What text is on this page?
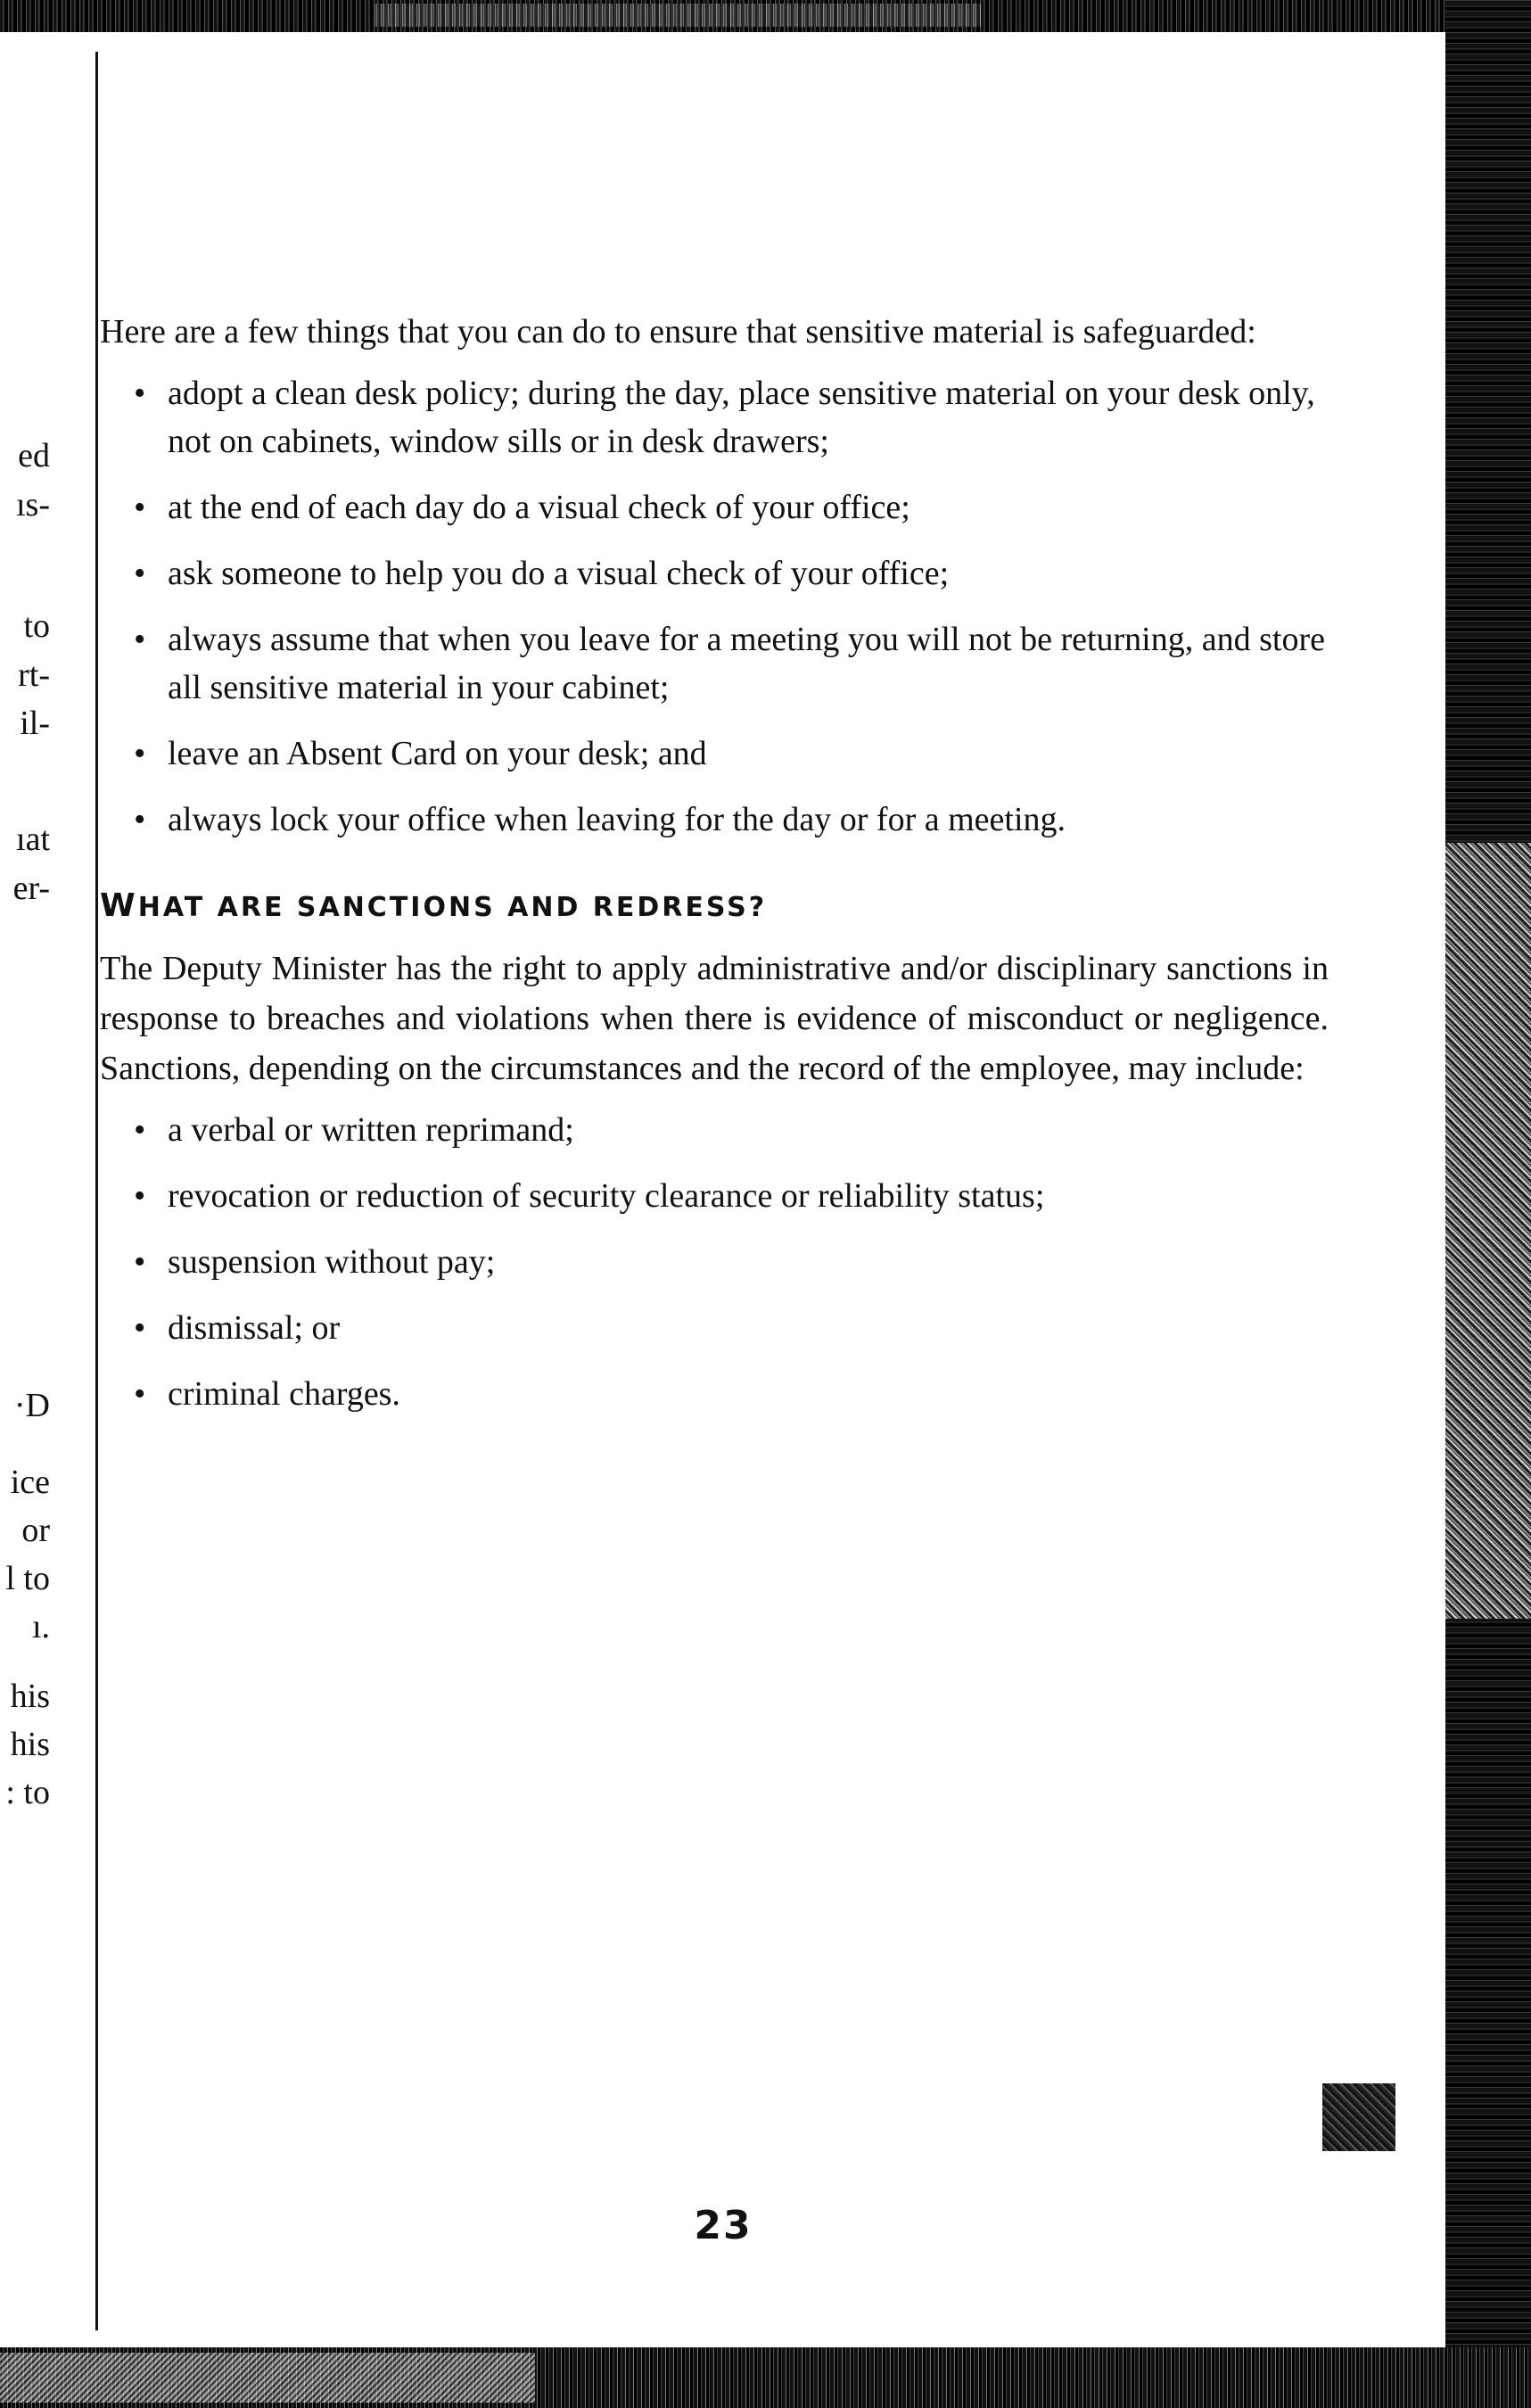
ed
ıs-
to
rt-
il-
ıat
er-
·D
ice
or
l to
ı.
his
his
: to

Here are a few things that you can do to ensure that sensitive material is safeguarded:

• adopt a clean desk policy; during the day, place sensitive material on your desk only, not on cabinets, window sills or in desk drawers;
• at the end of each day do a visual check of your office;
• ask someone to help you do a visual check of your office;
• always assume that when you leave for a meeting you will not be returning, and store all sensitive material in your cabinet;
• leave an Absent Card on your desk; and
• always lock your office when leaving for the day or for a meeting.
WHAT ARE SANCTIONS AND REDRESS?

The Deputy Minister has the right to apply administrative and/or disciplinary sanctions in response to breaches and violations when there is evidence of misconduct or negligence. Sanctions, depending on the circumstances and the record of the employee, may include:

• a verbal or written reprimand;
• revocation or reduction of security clearance or reliability status;
• suspension without pay;
• dismissal; or
• criminal charges.
23
